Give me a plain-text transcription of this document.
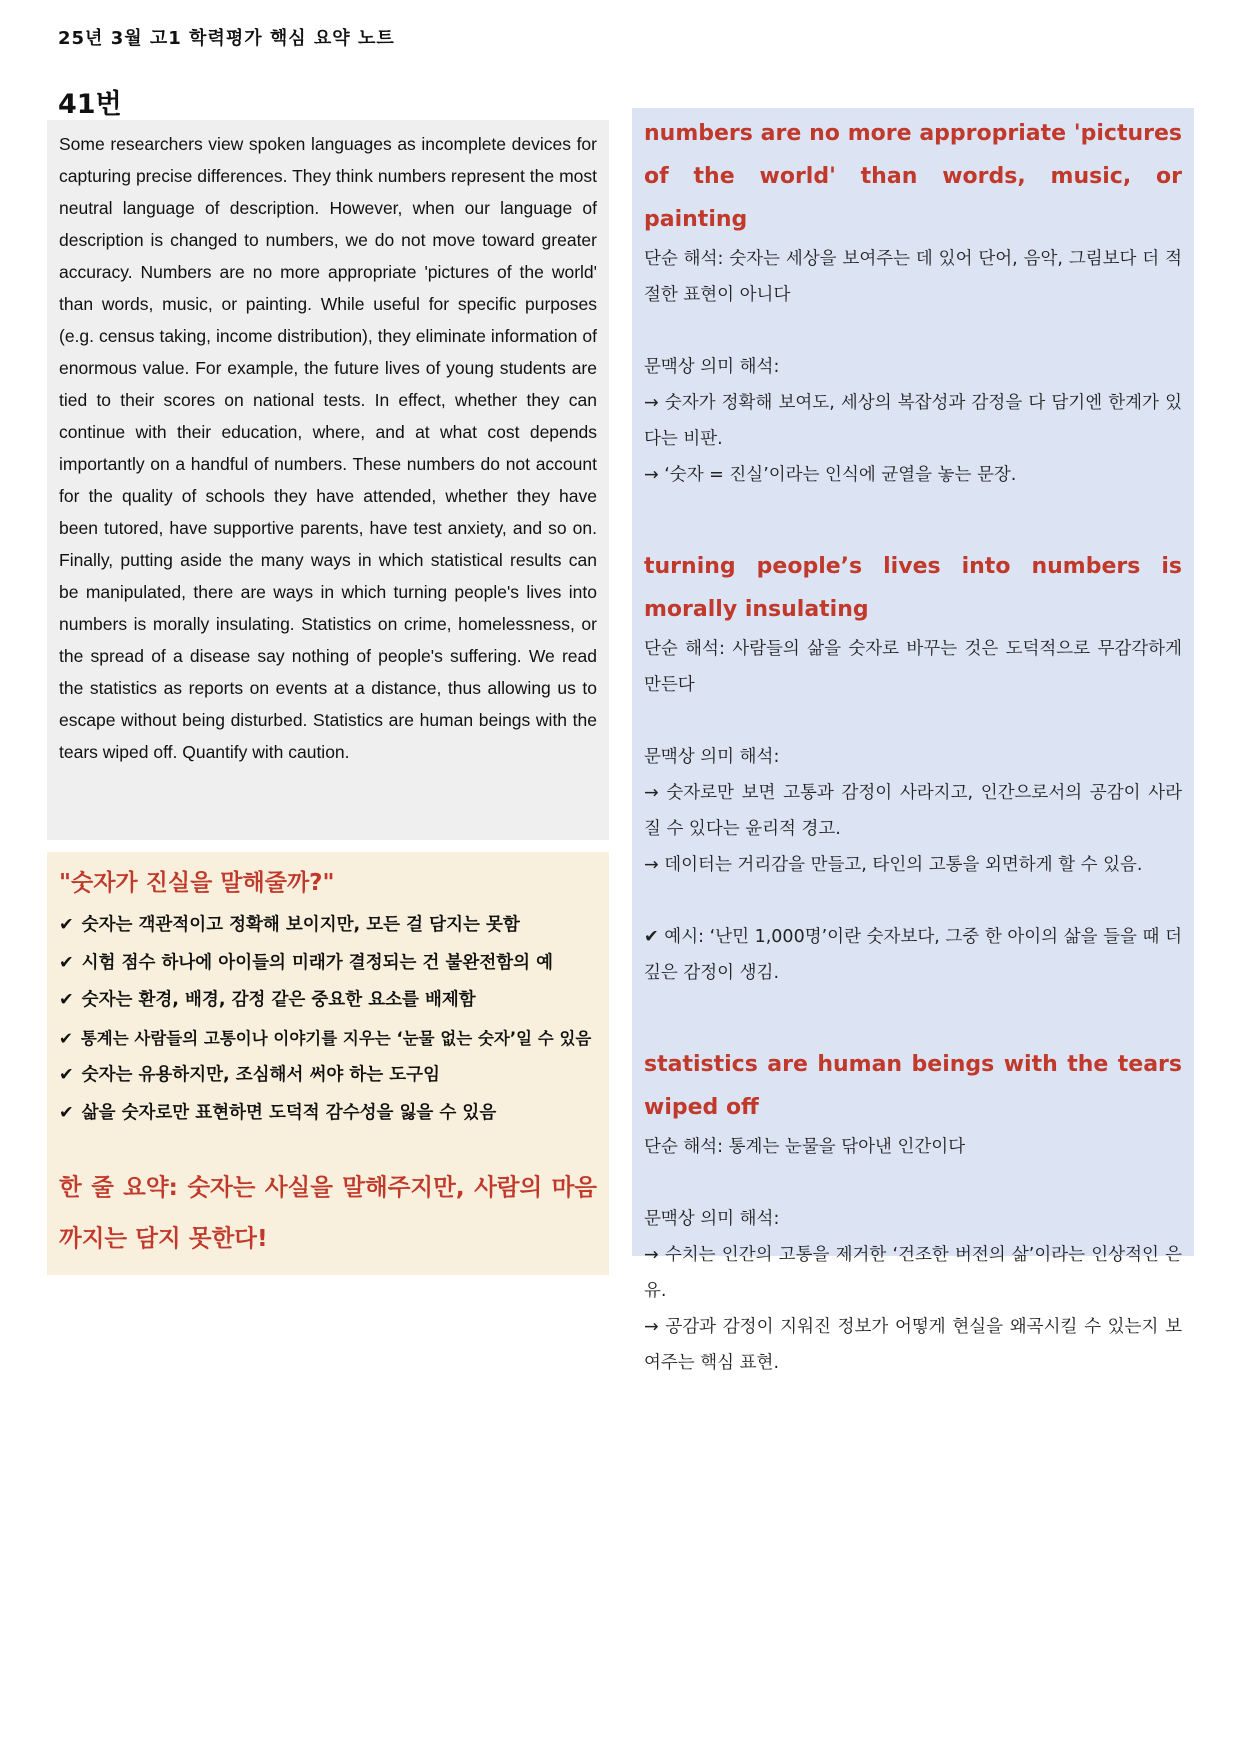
25년 3월 고1 학력평가 핵심 요약 노트
41번
Some researchers view spoken languages as incomplete devices for capturing precise differences. They think numbers represent the most neutral language of description. However, when our language of description is changed to numbers, we do not move toward greater accuracy. Numbers are no more appropriate 'pictures of the world' than words, music, or painting. While useful for specific purposes (e.g. census taking, income distribution), they eliminate information of enormous value. For example, the future lives of young students are tied to their scores on national tests. In effect, whether they can continue with their education, where, and at what cost depends importantly on a handful of numbers. These numbers do not account for the quality of schools they have attended, whether they have been tutored, have supportive parents, have test anxiety, and so on. Finally, putting aside the many ways in which statistical results can be manipulated, there are ways in which turning people's lives into numbers is morally insulating. Statistics on crime, homelessness, or the spread of a disease say nothing of people's suffering. We read the statistics as reports on events at a distance, thus allowing us to escape without being disturbed. Statistics are human beings with the tears wiped off. Quantify with caution.
"숫자가 진실을 말해줄까?"
✔ 숫자는 객관적이고 정확해 보이지만, 모든 걸 담지는 못함
✔ 시험 점수 하나에 아이들의 미래가 결정되는 건 불완전함의 예
✔ 숫자는 환경, 배경, 감정 같은 중요한 요소를 배제함
✔ 통계는 사람들의 고통이나 이야기를 지우는 ‘눈물 없는 숫자’일 수 있음
✔ 숫자는 유용하지만, 조심해서 써야 하는 도구임
✔ 삶을 숫자로만 표현하면 도덕적 감수성을 잃을 수 있음
한 줄 요약: 숫자는 사실을 말해주지만, 사람의 마음까지는 담지 못한다!

numbers are no more appropriate 'pictures of the world' than words, music, or painting

단순 해석: 숫자는 세상을 보여주는 데 있어 단어, 음악, 그림보다 더 적절한 표현이 아니다

문맥상 의미 해석:

→ 숫자가 정확해 보여도, 세상의 복잡성과 감정을 다 담기엔 한계가 있다는 비판.

→ ‘숫자 = 진실’이라는 인식에 균열을 놓는 문장.

turning people’s lives into numbers is morally insulating

단순 해석: 사람들의 삶을 숫자로 바꾸는 것은 도덕적으로 무감각하게 만든다

문맥상 의미 해석:

→ 숫자로만 보면 고통과 감정이 사라지고, 인간으로서의 공감이 사라질 수 있다는 윤리적 경고.

→ 데이터는 거리감을 만들고, 타인의 고통을 외면하게 할 수 있음.

✔ 예시: ‘난민 1,000명’이란 숫자보다, 그중 한 아이의 삶을 들을 때 더 깊은 감정이 생김.

statistics are human beings with the tears wiped off

단순 해석: 통계는 눈물을 닦아낸 인간이다

문맥상 의미 해석:

→ 수치는 인간의 고통을 제거한 ‘건조한 버전의 삶’이라는 인상적인 은유.

→ 공감과 감정이 지워진 정보가 어떻게 현실을 왜곡시킬 수 있는지 보여주는 핵심 표현.
